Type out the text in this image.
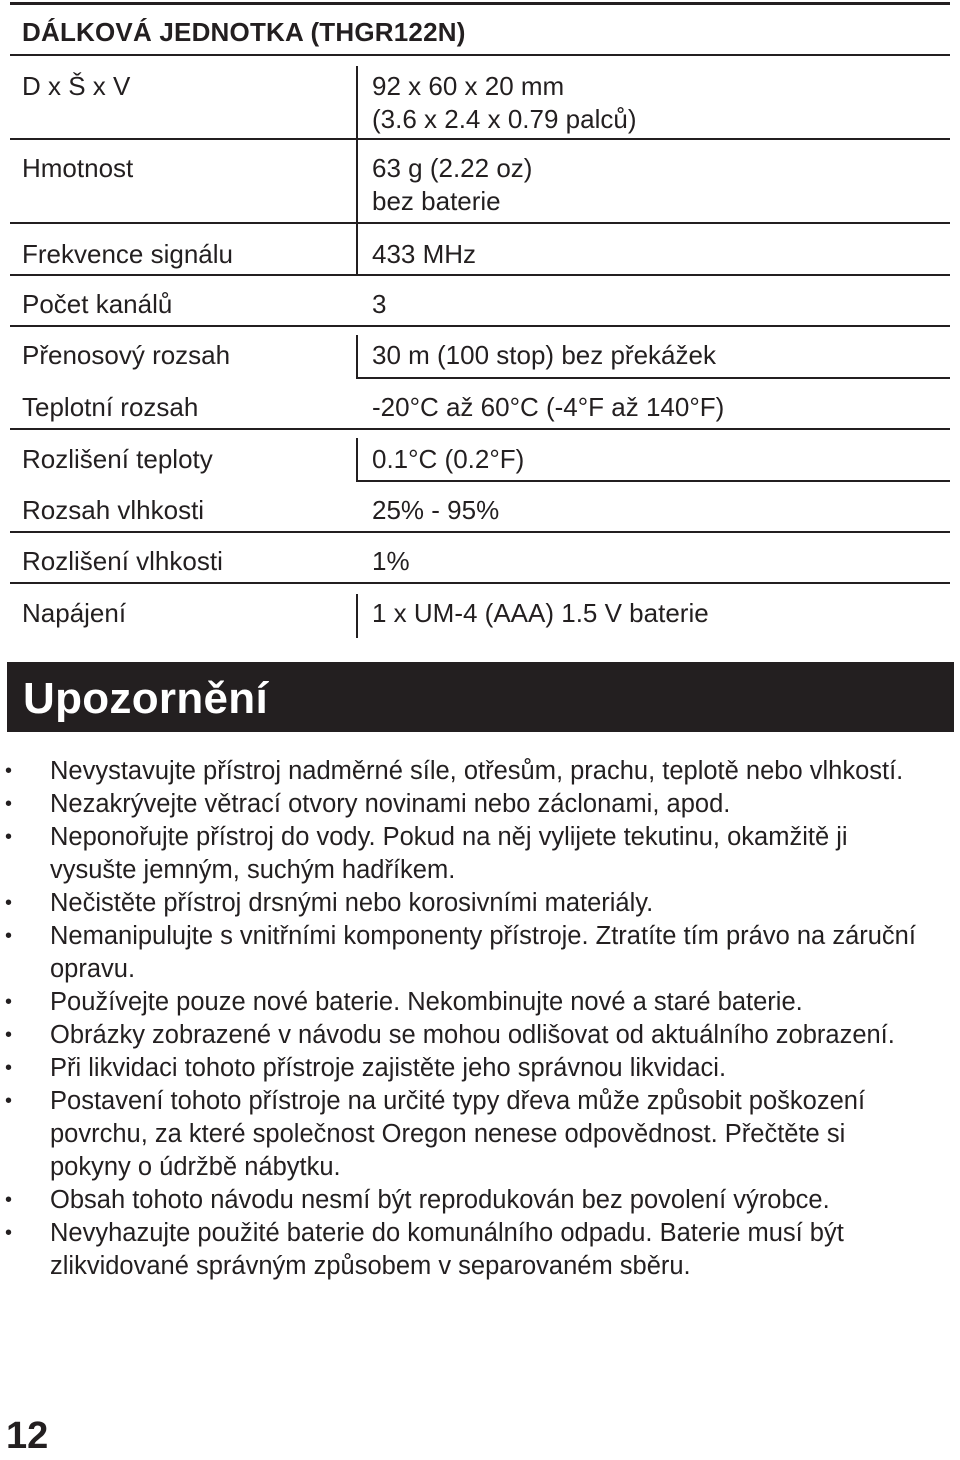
DÁLKOVÁ JEDNOTKA (THGR122N)
D x Š x V	92 x 60 x 20 mm
(3.6 x 2.4 x 0.79 palců)
Hmotnost	63 g (2.22 oz)
bez baterie
Frekvence signálu	433 MHz
Počet kanálů	3
Přenosový rozsah	30 m (100 stop) bez překážek
Teplotní rozsah	-20°C až 60°C (-4°F až 140°F)
Rozlišení teploty	0.1°C (0.2°F)
Rozsah vlhkosti	25% - 95%
Rozlišení vlhkosti	1%
Napájení	1 x UM-4 (AAA) 1.5 V baterie
Upozornění
• Nevystavujte přístroj nadměrné síle, otřesům, prachu, teplotě nebo vlhkostí.
• Nezakrývejte větrací otvory novinami nebo záclonami, apod.
• Neponořujte přístroj do vody. Pokud na něj vylijete tekutinu, okamžitě ji vysušte jemným, suchým hadříkem.
• Nečistěte přístroj drsnými nebo korosivními materiály.
• Nemanipulujte s vnitřními komponenty přístroje. Ztratíte tím právo na záruční opravu.
• Používejte pouze nové baterie. Nekombinujte nové a staré baterie.
• Obrázky zobrazené v návodu se mohou odlišovat od aktuálního zobrazení.
• Při likvidaci tohoto přístroje zajistěte jeho správnou likvidaci.
• Postavení tohoto přístroje na určité typy dřeva může způsobit poškození povrchu, za které společnost Oregon nenese odpovědnost. Přečtěte si pokyny o údržbě nábytku.
• Obsah tohoto návodu nesmí být reprodukován bez povolení výrobce.
• Nevyhazujte použité baterie do komunálního odpadu. Baterie musí být zlikvidované správným způsobem v separovaném sběru.
12
